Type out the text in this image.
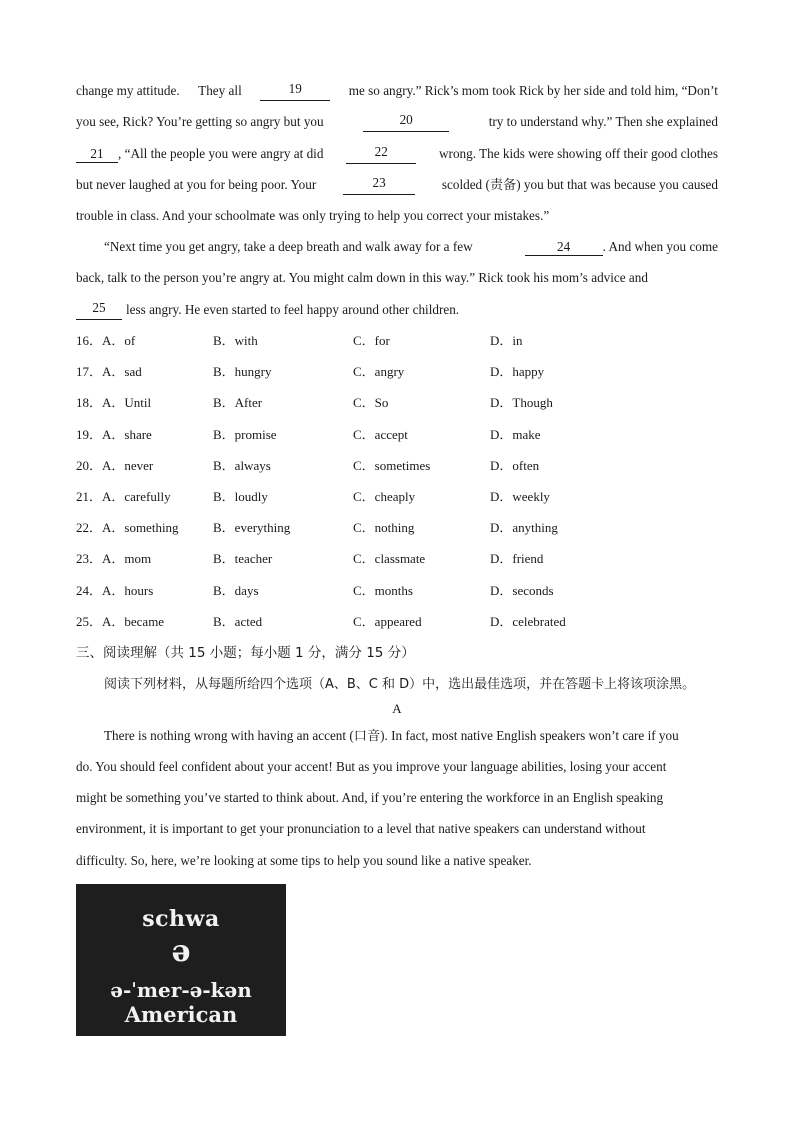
change my attitude. They all	19	me so angry.” Rick’s mom took Rick by her side and told him, “Don’t
you see, Rick? You’re getting so angry but you	20	try to understand why.” Then she explained
21 , “All the people you were angry at did	22	wrong. The kids were showing off their good clothes
but never laughed at you for being poor. Your	23	scolded (责备) you but that was because you caused
trouble in class. And your schoolmate was only trying to help you correct your mistakes.”
“Next time you get angry, take a deep breath and walk away for a few	24 . And when you come
back, talk to the person you’re angry at. You might calm down in this way.” Rick took his mom’s advice and
25	less angry. He even started to feel happy around other children.
16．A．of	B．with	C．for	D．in
17．A．sad	B．hungry	C．angry	D．happy
18．A．Until	B．After	C．So	D．Though
19．A．share	B．promise	C．accept	D．make
20．A．never	B．always	C．sometimes	D．often
21．A．carefully	B．loudly	C．cheaply	D．weekly
22．A．something	B．everything	C．nothing	D．anything
23．A．mom	B．teacher	C．classmate	D．friend
24．A．hours	B．days	C．months	D．seconds
25．A．became	B．acted	C．appeared	D．celebrated
三、阅读理解（共 15 小题；每小题 1 分，满分 15 分）
阅读下列材料，从每题所给四个选项（A、B、C 和 D）中，选出最佳选项，并在答题卡上将该项涂黑。
A
There is nothing wrong with having an accent (口音). In fact, most native English speakers won’t care if you
do. You should feel confident about your accent! But as you improve your language abilities, losing your accent
might be something you’ve started to think about. And, if you’re entering the workforce in an English speaking
environment, it is important to get your pronunciation to a level that native speakers can understand without
difficulty. So, here, we’re looking at some tips to help you sound like a native speaker.
schwa
ə
ə-ˈmer-ə-kən
American
